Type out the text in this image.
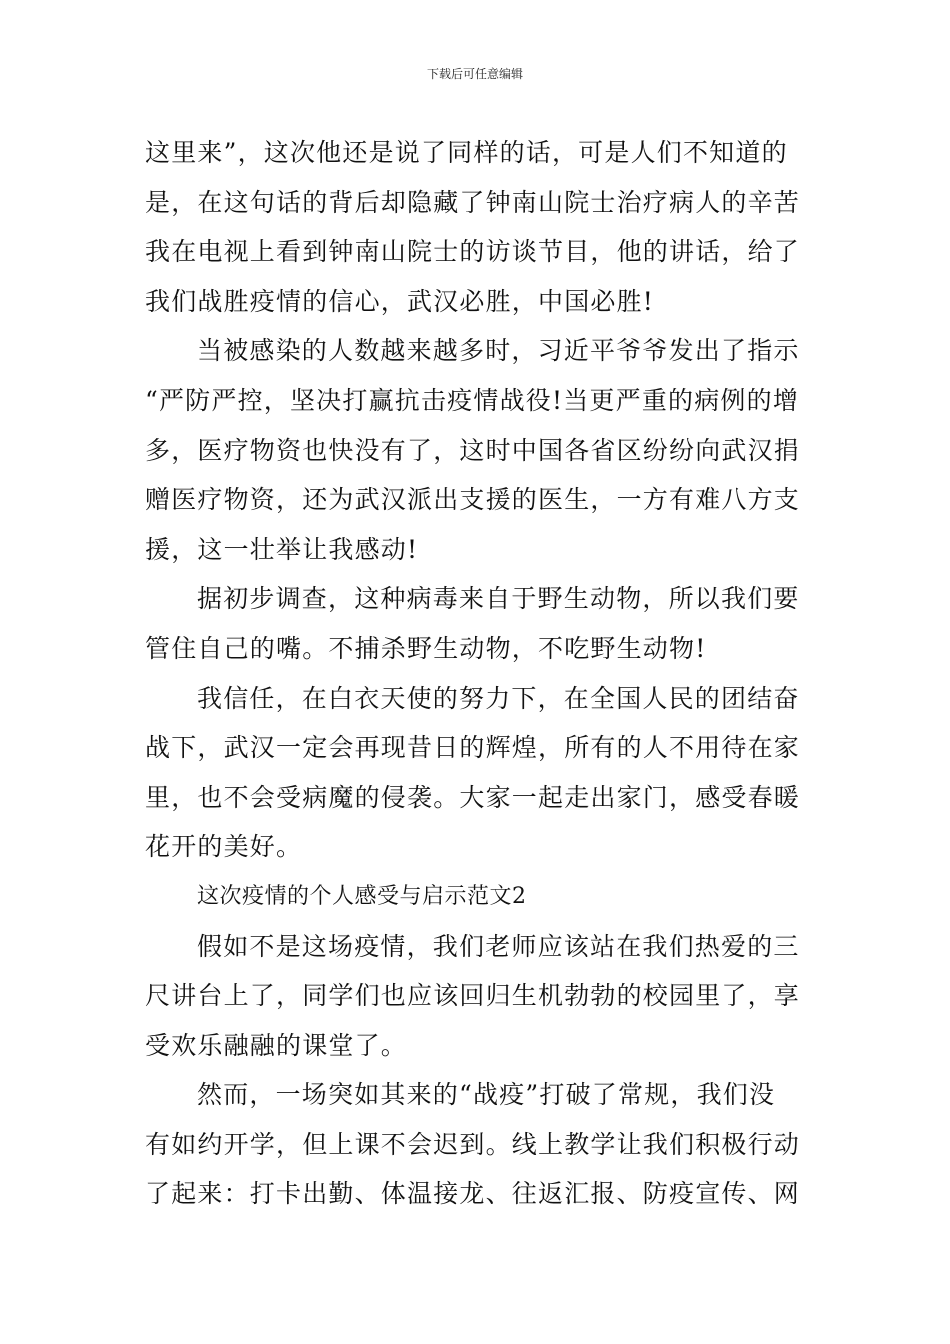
下载后可任意编辑
这里来”，这次他还是说了同样的话，可是人们不知道的
是，在这句话的背后却隐藏了钟南山院士治疗病人的辛苦
我在电视上看到钟南山院士的访谈节目，他的讲话，给了
我们战胜疫情的信心，武汉必胜，中国必胜!
当被感染的人数越来越多时，习近平爷爷发出了指示
“严防严控，坚决打赢抗击疫情战役!当更严重的病例的增
多，医疗物资也快没有了，这时中国各省区纷纷向武汉捐
赠医疗物资，还为武汉派出支援的医生，一方有难八方支
援，这一壮举让我感动!
据初步调查，这种病毒来自于野生动物，所以我们要
管住自己的嘴。不捕杀野生动物，不吃野生动物!
我信任，在白衣天使的努力下，在全国人民的团结奋
战下，武汉一定会再现昔日的辉煌，所有的人不用待在家
里，也不会受病魔的侵袭。大家一起走出家门，感受春暖
花开的美好。
这次疫情的个人感受与启示范文2
假如不是这场疫情，我们老师应该站在我们热爱的三
尺讲台上了，同学们也应该回归生机勃勃的校园里了，享
受欢乐融融的课堂了。
然而，一场突如其来的“战疫”打破了常规，我们没
有如约开学，但上课不会迟到。线上教学让我们积极行动
了起来：打卡出勤、体温接龙、往返汇报、防疫宣传、网
